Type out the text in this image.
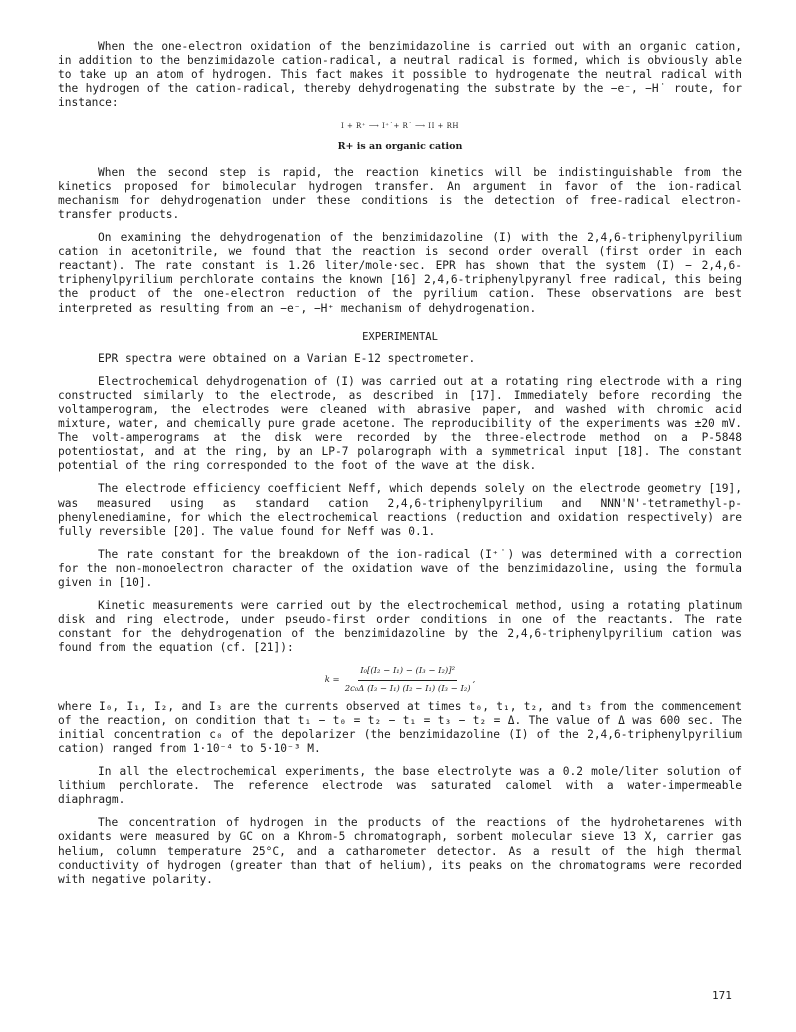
When the one-electron oxidation of the benzimidazoline is carried out with an organic cation, in addition to the benzimidazole cation-radical, a neutral radical is formed, which is obviously able to take up an atom of hydrogen. This fact makes it possible to hydrogenate the neutral radical with the hydrogen of the cation-radical, thereby dehydrogenating the substrate by the −e⁻, −H˙ route, for instance:

I + R⁺ ⟶ I⁺˙+ R˙ ⟶ II + RH
R+ is an organic cation

When the second step is rapid, the reaction kinetics will be indistinguishable from the kinetics proposed for bimolecular hydrogen transfer. An argument in favor of the ion-radical mechanism for dehydrogenation under these conditions is the detection of free-radical electron-transfer products.

On examining the dehydrogenation of the benzimidazoline (I) with the 2,4,6-triphenylpyrilium cation in acetonitrile, we found that the reaction is second order overall (first order in each reactant). The rate constant is 1.26 liter/mole·sec. EPR has shown that the system (I) − 2,4,6-triphenylpyrilium perchlorate contains the known [16] 2,4,6-triphenylpyranyl free radical, this being the product of the one-electron reduction of the pyrilium cation. These observations are best interpreted as resulting from an −e⁻, −H⁺ mechanism of dehydrogenation.

EXPERIMENTAL

EPR spectra were obtained on a Varian E-12 spectrometer.

Electrochemical dehydrogenation of (I) was carried out at a rotating ring electrode with a ring constructed similarly to the electrode, as described in [17]. Immediately before recording the voltamperogram, the electrodes were cleaned with abrasive paper, and washed with chromic acid mixture, water, and chemically pure grade acetone. The reproducibility of the experiments was ±20 mV. The volt-amperograms at the disk were recorded by the three-electrode method on a P-5848 potentiostat, and at the ring, by an LP-7 polarograph with a symmetrical input [18]. The constant potential of the ring corresponded to the foot of the wave at the disk.

The electrode efficiency coefficient Neff, which depends solely on the electrode geometry [19], was measured using as standard cation 2,4,6-triphenylpyrilium and NNN'N'-tetramethyl-p-phenylenediamine, for which the electrochemical reactions (reduction and oxidation respectively) are fully reversible [20]. The value found for Neff was 0.1.

The rate constant for the breakdown of the ion-radical (I⁺˙) was determined with a correction for the non-monoelectron character of the oxidation wave of the benzimidazoline, using the formula given in [10].

Kinetic measurements were carried out by the electrochemical method, using a rotating platinum disk and ring electrode, under pseudo-first order conditions in one of the reactants. The rate constant for the dehydrogenation of the benzimidazoline by the 2,4,6-triphenylpyrilium cation was found from the equation (cf. [21]):

$k = \frac{\text{I₀[(I₂ − I₁) − (I₃ − I₂)]²}}{\text{2c₀Δ (I₃ − I₁) (I₂ − I₁) (I₃ − I₂)}}$ ,

where I₀, I₁, I₂, and I₃ are the currents observed at times t₀, t₁, t₂, and t₃ from the commencement of the reaction, on condition that t₁ − t₀ = t₂ − t₁ = t₃ − t₂ = Δ. The value of Δ was 600 sec. The initial concentration c₀ of the depolarizer (the benzimidazoline (I) of the 2,4,6-triphenylpyrilium cation) ranged from 1·10⁻⁴ to 5·10⁻³ M.

In all the electrochemical experiments, the base electrolyte was a 0.2 mole/liter solution of lithium perchlorate. The reference electrode was saturated calomel with a water-impermeable diaphragm.

The concentration of hydrogen in the products of the reactions of the hydrohetarenes with oxidants were measured by GC on a Khrom-5 chromatograph, sorbent molecular sieve 13 X, carrier gas helium, column temperature 25°C, and a catharometer detector. As a result of the high thermal conductivity of hydrogen (greater than that of helium), its peaks on the chromatograms were recorded with negative polarity.

171
